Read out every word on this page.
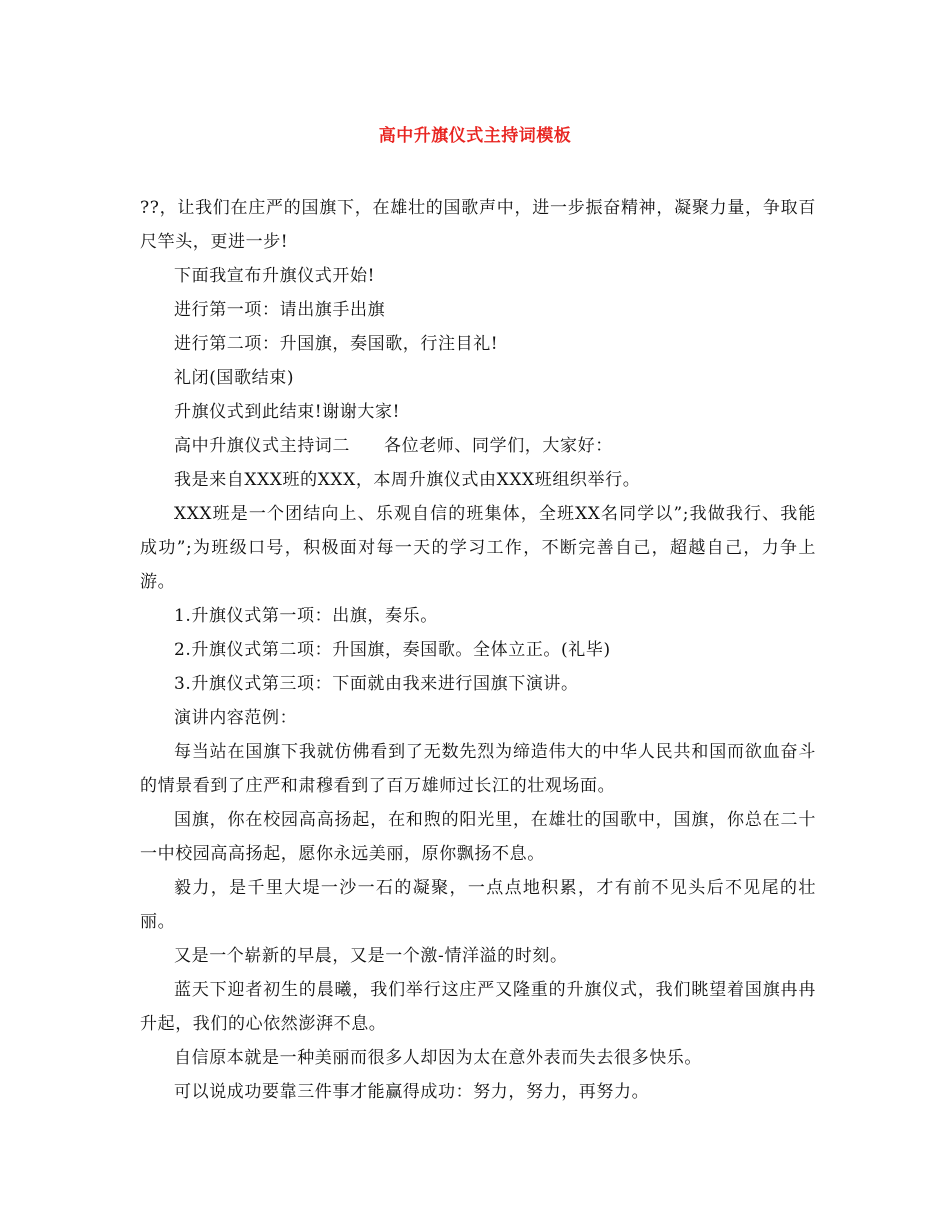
高中升旗仪式主持词模板

??，让我们在庄严的国旗下，在雄壮的国歌声中，进一步振奋精神，凝聚力量，争取百尺竿头，更进一步!

下面我宣布升旗仪式开始!

进行第一项：请出旗手出旗

进行第二项：升国旗，奏国歌，行注目礼!

礼闭(国歌结束)

升旗仪式到此结束!谢谢大家!

高中升旗仪式主持词二 各位老师、同学们，大家好：

我是来自XXX班的XXX，本周升旗仪式由XXX班组织举行。

XXX班是一个团结向上、乐观自信的班集体，全班XX名同学以”;我做我行、我能成功”;为班级口号，积极面对每一天的学习工作，不断完善自己，超越自己，力争上游。

1.升旗仪式第一项：出旗，奏乐。

2.升旗仪式第二项：升国旗，奏国歌。全体立正。(礼毕)

3.升旗仪式第三项：下面就由我来进行国旗下演讲。

演讲内容范例：

每当站在国旗下我就仿佛看到了无数先烈为缔造伟大的中华人民共和国而欲血奋斗的情景看到了庄严和肃穆看到了百万雄师过长江的壮观场面。

国旗，你在校园高高扬起，在和煦的阳光里，在雄壮的国歌中，国旗，你总在二十一中校园高高扬起，愿你永远美丽，原你飘扬不息。

毅力，是千里大堤一沙一石的凝聚，一点点地积累，才有前不见头后不见尾的壮丽。

又是一个崭新的早晨，又是一个激-情洋溢的时刻。

蓝天下迎者初生的晨曦，我们举行这庄严又隆重的升旗仪式，我们眺望着国旗冉冉升起，我们的心依然澎湃不息。

自信原本就是一种美丽而很多人却因为太在意外表而失去很多快乐。

可以说成功要靠三件事才能赢得成功：努力，努力，再努力。
